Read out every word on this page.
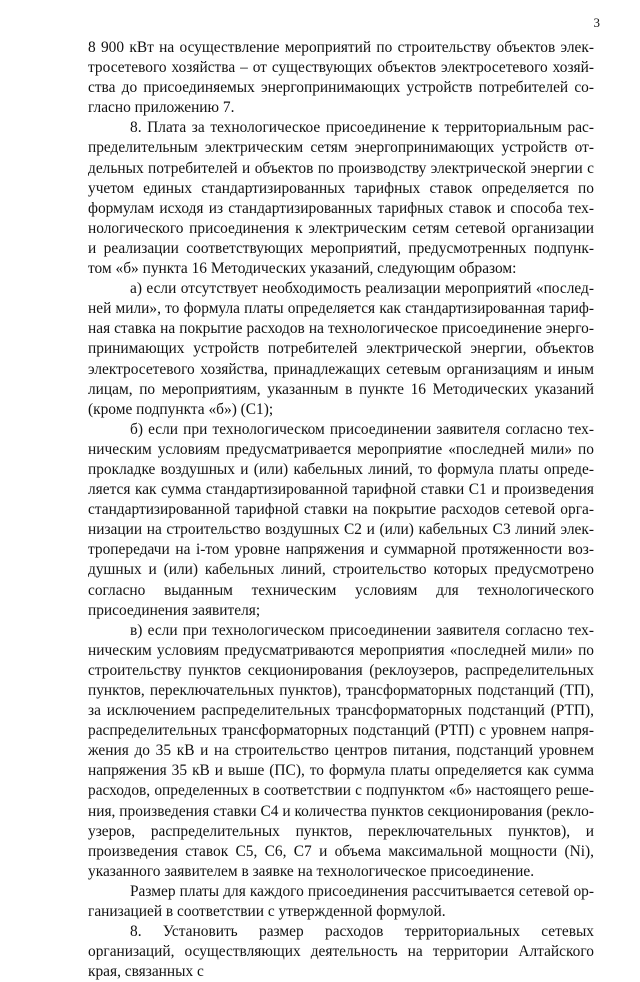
3

8 900 кВт на осуществление мероприятий по строительству объектов электросетевого хозяйства – от существующих объектов электросетевого хозяйства до присоединяемых энергопринимающих устройств потребителей согласно приложению 7.

8. Плата за технологическое присоединение к территориальным распределительным электрическим сетям энергопринимающих устройств отдельных потребителей и объектов по производству электрической энергии с учетом единых стандартизированных тарифных ставок определяется по формулам исходя из стандартизированных тарифных ставок и способа технологического присоединения к электрическим сетям сетевой организации и реализации соответствующих мероприятий, предусмотренных подпунктом «б» пункта 16 Методических указаний, следующим образом:

а) если отсутствует необходимость реализации мероприятий «последней мили», то формула платы определяется как стандартизированная тарифная ставка на покрытие расходов на технологическое присоединение энергопринимающих устройств потребителей электрической энергии, объектов электросетевого хозяйства, принадлежащих сетевым организациям и иным лицам, по мероприятиям, указанным в пункте 16 Методических указаний (кроме подпункта «б») (С1);

б) если при технологическом присоединении заявителя согласно техническим условиям предусматривается мероприятие «последней мили» по прокладке воздушных и (или) кабельных линий, то формула платы определяется как сумма стандартизированной тарифной ставки С1 и произведения стандартизированной тарифной ставки на покрытие расходов сетевой организации на строительство воздушных С2 и (или) кабельных С3 линий электропередачи на i-том уровне напряжения и суммарной протяженности воздушных и (или) кабельных линий, строительство которых предусмотрено согласно выданным техническим условиям для технологического присоединения заявителя;

в) если при технологическом присоединении заявителя согласно техническим условиям предусматриваются мероприятия «последней мили» по строительству пунктов секционирования (реклоузеров, распределительных пунктов, переключательных пунктов), трансформаторных подстанций (ТП), за исключением распределительных трансформаторных подстанций (РТП), распределительных трансформаторных подстанций (РТП) с уровнем напряжения до 35 кВ и на строительство центров питания, подстанций уровнем напряжения 35 кВ и выше (ПС), то формула платы определяется как сумма расходов, определенных в соответствии с подпунктом «б» настоящего решения, произведения ставки С4 и количества пунктов секционирования (реклоузеров, распределительных пунктов, переключательных пунктов), и произведения ставок С5, С6, С7 и объема максимальной мощности (Ni), указанного заявителем в заявке на технологическое присоединение.

Размер платы для каждого присоединения рассчитывается сетевой организацией в соответствии с утвержденной формулой.

8. Установить размер расходов территориальных сетевых организаций, осуществляющих деятельность на территории Алтайского края, связанных с
